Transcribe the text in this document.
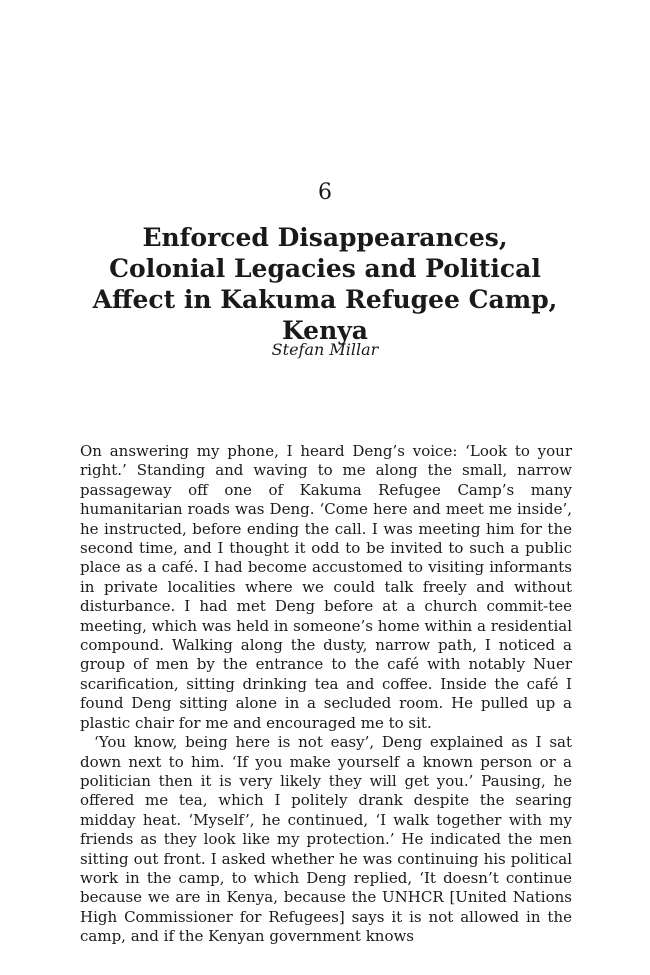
6
Enforced Disappearances, Colonial Legacies and Political Affect in Kakuma Refugee Camp, Kenya
Stefan Millar

On answering my phone, I heard Deng’s voice: ‘Look to your right.’ Standing and waving to me along the small, narrow passageway off one of Kakuma Refugee Camp’s many humanitarian roads was Deng. ‘Come here and meet me inside’, he instructed, before ending the call. I was meeting him for the second time, and I thought it odd to be invited to such a public place as a café. I had become accustomed to visiting informants in private localities where we could talk freely and without disturbance. I had met Deng before at a church commit-tee meeting, which was held in someone’s home within a residential compound. Walking along the dusty, narrow path, I noticed a group of men by the entrance to the café with notably Nuer scarification, sitting drinking tea and coffee. Inside the café I found Deng sitting alone in a secluded room. He pulled up a plastic chair for me and encouraged me to sit.

‘You know, being here is not easy’, Deng explained as I sat down next to him. ‘If you make yourself a known person or a politician then it is very likely they will get you.’ Pausing, he offered me tea, which I politely drank despite the searing midday heat. ‘Myself’, he continued, ‘I walk together with my friends as they look like my protection.’ He indicated the men sitting out front. I asked whether he was continuing his political work in the camp, to which Deng replied, ‘It doesn’t continue because we are in Kenya, because the UNHCR [United Nations High Commissioner for Refugees] says it is not allowed in the camp, and if the Kenyan government knows
